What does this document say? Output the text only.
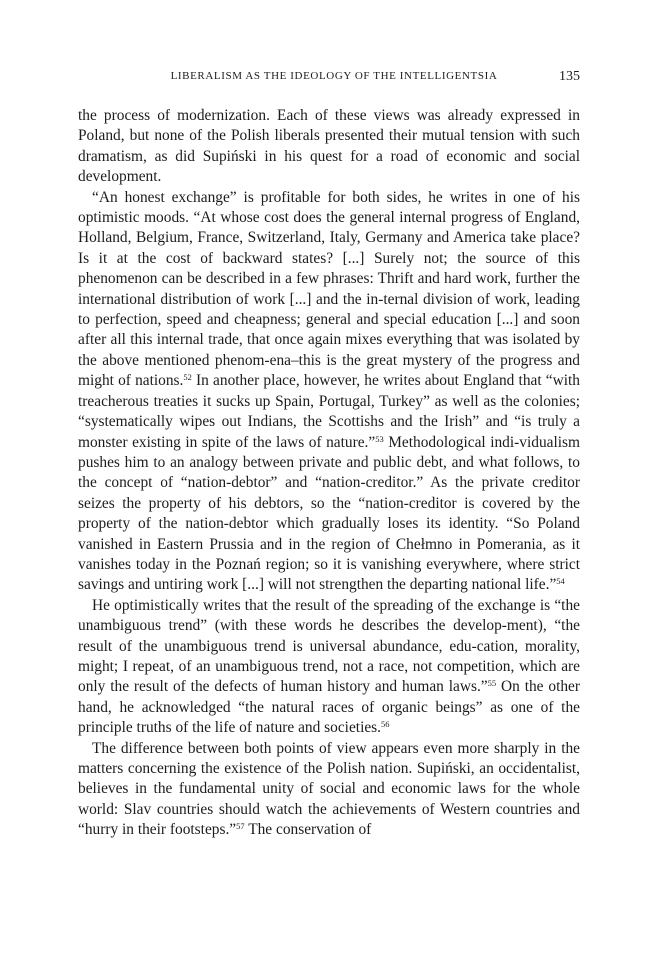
LIBERALISM AS THE IDEOLOGY OF THE INTELLIGENTSIA	135

the process of modernization. Each of these views was already expressed in Poland, but none of the Polish liberals presented their mutual tension with such dramatism, as did Supiński in his quest for a road of economic and social development.

“An honest exchange” is profitable for both sides, he writes in one of his optimistic moods. “At whose cost does the general internal progress of England, Holland, Belgium, France, Switzerland, Italy, Germany and America take place? Is it at the cost of backward states? [...] Surely not; the source of this phenomenon can be described in a few phrases: Thrift and hard work, further the international distribution of work [...] and the in-ternal division of work, leading to perfection, speed and cheapness; general and special education [...] and soon after all this internal trade, that once again mixes everything that was isolated by the above mentioned phenom-ena–this is the great mystery of the progress and might of nations.$^{52}$ In another place, however, he writes about England that “with treacherous treaties it sucks up Spain, Portugal, Turkey” as well as the colonies; “systematically wipes out Indians, the Scottishs and the Irish” and “is truly a monster existing in spite of the laws of nature.”$^{53}$ Methodological indi-vidualism pushes him to an analogy between private and public debt, and what follows, to the concept of “nation-debtor” and “nation-creditor.” As the private creditor seizes the property of his debtors, so the “nation-creditor is covered by the property of the nation-debtor which gradually loses its identity. “So Poland vanished in Eastern Prussia and in the region of Chełmno in Pomerania, as it vanishes today in the Poznań region; so it is vanishing everywhere, where strict savings and untiring work [...] will not strengthen the departing national life.”$^{54}$

He optimistically writes that the result of the spreading of the exchange is “the unambiguous trend” (with these words he describes the develop-ment), “the result of the unambiguous trend is universal abundance, edu-cation, morality, might; I repeat, of an unambiguous trend, not a race, not competition, which are only the result of the defects of human history and human laws.”$^{55}$ On the other hand, he acknowledged “the natural races of organic beings” as one of the principle truths of the life of nature and societies.$^{56}$

The difference between both points of view appears even more sharply in the matters concerning the existence of the Polish nation. Supiński, an occidentalist, believes in the fundamental unity of social and economic laws for the whole world: Slav countries should watch the achievements of Western countries and “hurry in their footsteps.”$^{57}$ The conservation of
